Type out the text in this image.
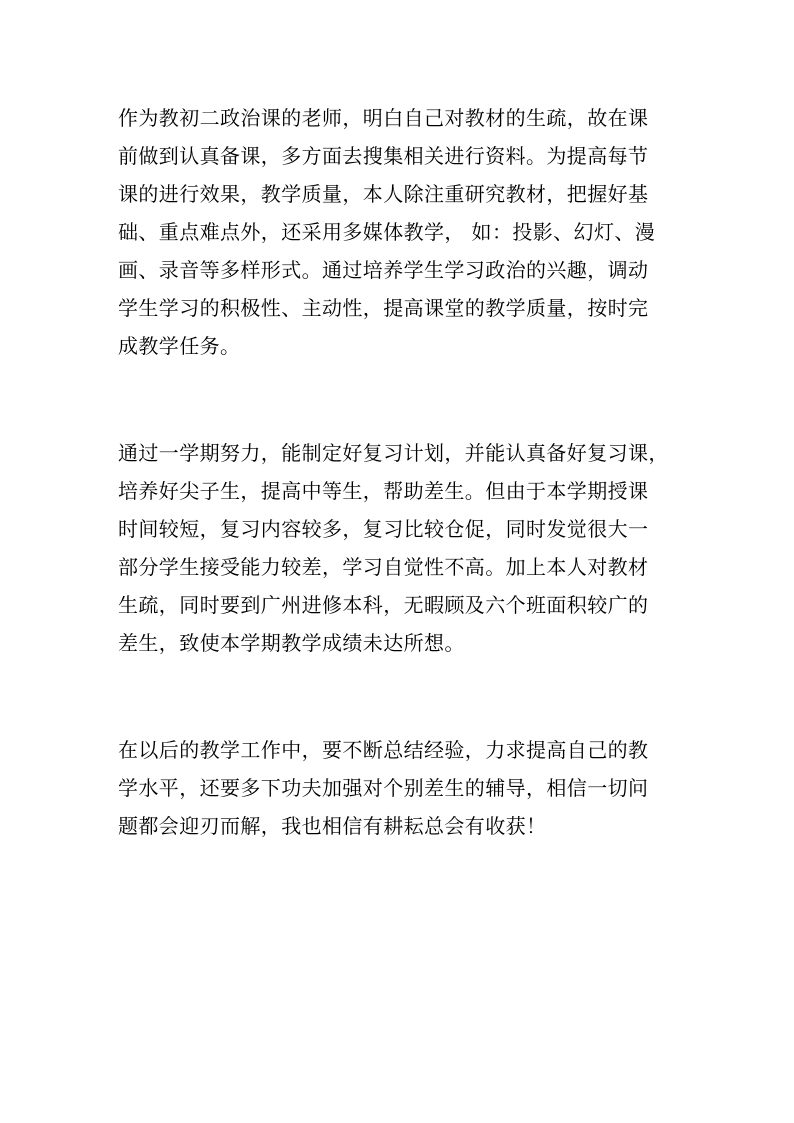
作为教初二政治课的老师，明白自己对教材的生疏，故在课
前做到认真备课，多方面去搜集相关进行资料。为提高每节
课的进行效果，教学质量，本人除注重研究教材，把握好基
础、重点难点外，还采用多媒体教学， 如：投影、幻灯、漫
画、录音等多样形式。通过培养学生学习政治的兴趣，调动
学生学习的积极性、主动性，提高课堂的教学质量，按时完
成教学任务。

通过一学期努力，能制定好复习计划，并能认真备好复习课，
培养好尖子生，提高中等生，帮助差生。但由于本学期授课
时间较短，复习内容较多，复习比较仓促，同时发觉很大一
部分学生接受能力较差，学习自觉性不高。加上本人对教材
生疏，同时要到广州进修本科，无暇顾及六个班面积较广的
差生，致使本学期教学成绩未达所想。

在以后的教学工作中，要不断总结经验，力求提高自己的教
学水平，还要多下功夫加强对个别差生的辅导，相信一切问
题都会迎刃而解，我也相信有耕耘总会有收获！
